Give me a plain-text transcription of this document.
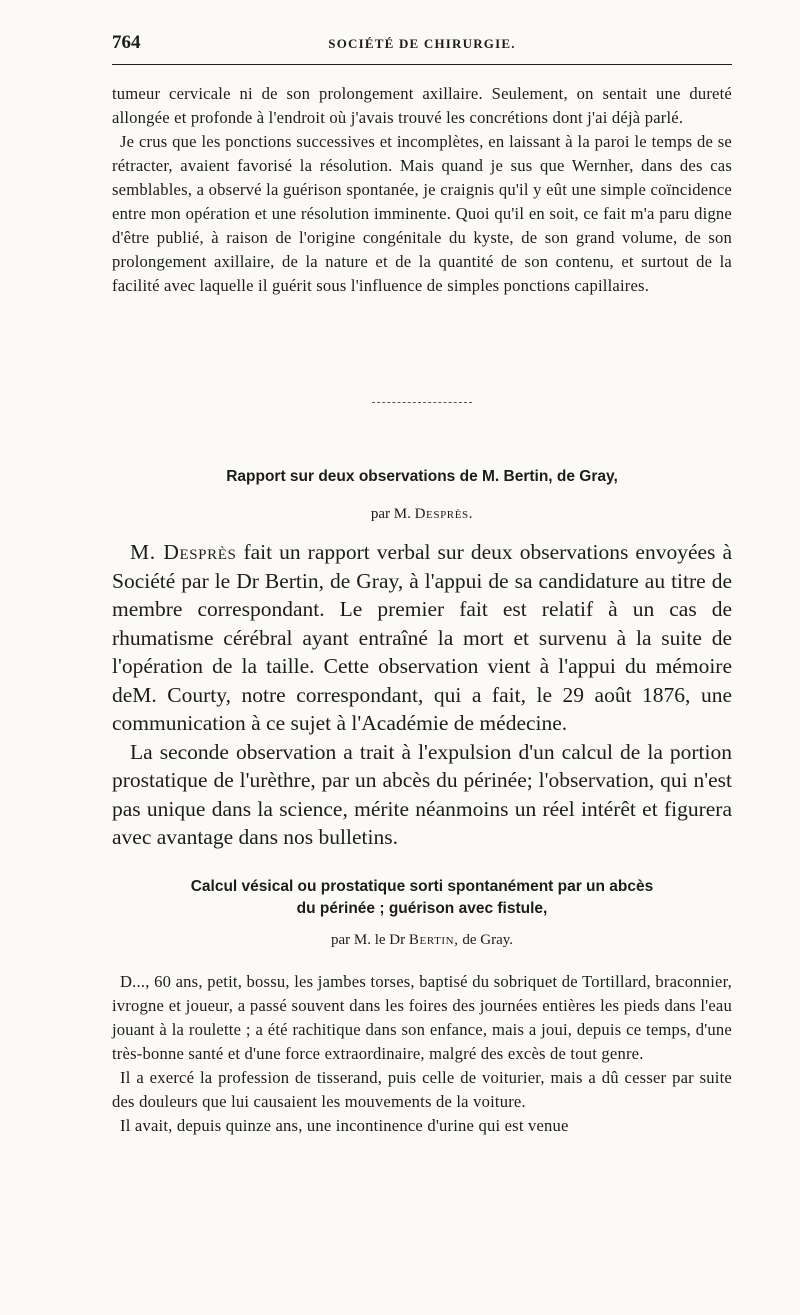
764	SOCIÉTÉ DE CHIRURGIE.

tumeur cervicale ni de son prolongement axillaire. Seulement, on sentait une dureté allongée et profonde à l'endroit où j'avais trouvé les concrétions dont j'ai déjà parlé.

Je crus que les ponctions successives et incomplètes, en laissant à la paroi le temps de se rétracter, avaient favorisé la résolution. Mais quand je sus que Wernher, dans des cas semblables, a observé la guérison spontanée, je craignis qu'il y eût une simple coïncidence entre mon opération et une résolution imminente. Quoi qu'il en soit, ce fait m'a paru digne d'être publié, à raison de l'origine congénitale du kyste, de son grand volume, de son prolongement axillaire, de la nature et de la quantité de son contenu, et surtout de la facilité avec laquelle il guérit sous l'influence de simples ponctions capillaires.

Rapport sur deux observations de M. Bertin, de Gray,
par M. Desprès.

M. Desprès fait un rapport verbal sur deux observations envoyées à Société par le Dr Bertin, de Gray, à l'appui de sa candidature au titre de membre correspondant. Le premier fait est relatif à un cas de rhumatisme cérébral ayant entraîné la mort et survenu à la suite de l'opération de la taille. Cette observation vient à l'appui du mémoire deM. Courty, notre correspondant, qui a fait, le 29 août 1876, une communication à ce sujet à l'Académie de médecine.

La seconde observation a trait à l'expulsion d'un calcul de la portion prostatique de l'urèthre, par un abcès du périnée; l'observation, qui n'est pas unique dans la science, mérite néanmoins un réel intérêt et figurera avec avantage dans nos bulletins.

Calcul vésical ou prostatique sorti spontanément par un abcès
du périnée ; guérison avec fistule,
par M. le Dr Bertin, de Gray.

D..., 60 ans, petit, bossu, les jambes torses, baptisé du sobriquet de Tortillard, braconnier, ivrogne et joueur, a passé souvent dans les foires des journées entières les pieds dans l'eau jouant à la roulette ; a été rachitique dans son enfance, mais a joui, depuis ce temps, d'une très-bonne santé et d'une force extraordinaire, malgré des excès de tout genre.

Il a exercé la profession de tisserand, puis celle de voiturier, mais a dû cesser par suite des douleurs que lui causaient les mouvements de la voiture.

Il avait, depuis quinze ans, une incontinence d'urine qui est venue
